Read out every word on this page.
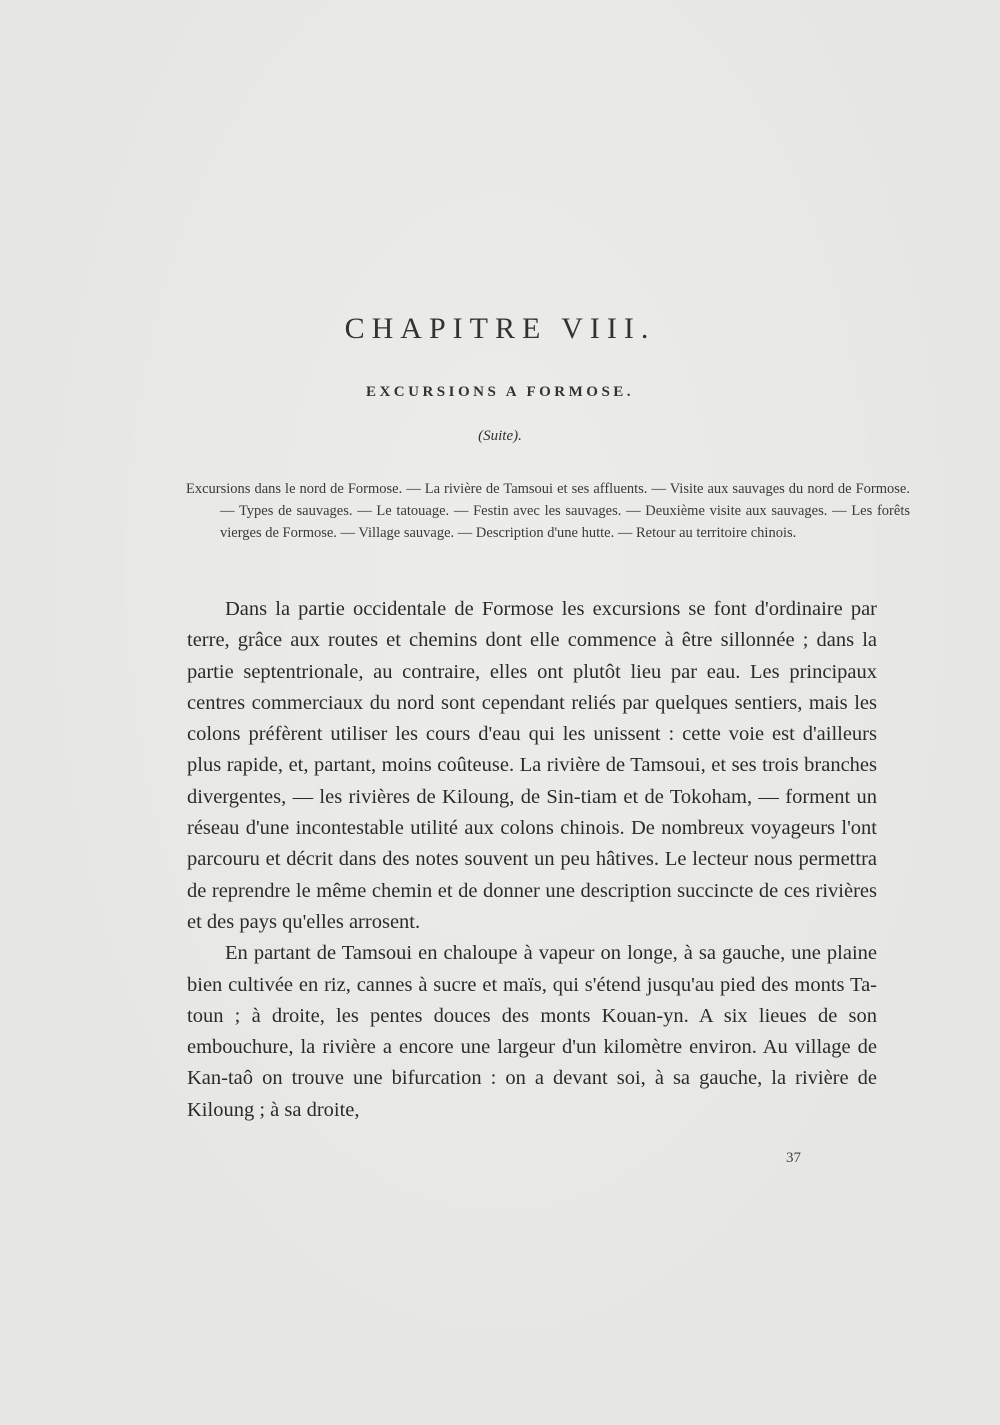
CHAPITRE VIII.
EXCURSIONS A FORMOSE.

(Suite).

Excursions dans le nord de Formose. — La rivière de Tamsoui et ses affluents. — Visite aux sauvages du nord de Formose. — Types de sauvages. — Le tatouage. — Festin avec les sauvages. — Deuxième visite aux sauvages. — Les forêts vierges de Formose. — Village sauvage. — Description d'une hutte. — Retour au territoire chinois.

Dans la partie occidentale de Formose les excursions se font d'ordinaire par terre, grâce aux routes et chemins dont elle commence à être sillonnée ; dans la partie septentrionale, au contraire, elles ont plutôt lieu par eau. Les principaux centres commerciaux du nord sont cependant reliés par quelques sentiers, mais les colons préfèrent utiliser les cours d'eau qui les unissent : cette voie est d'ailleurs plus rapide, et, partant, moins coûteuse. La rivière de Tamsoui, et ses trois branches divergentes, — les rivières de Kiloung, de Sin-tiam et de Tokoham, — forment un réseau d'une incontestable utilité aux colons chinois. De nombreux voyageurs l'ont parcouru et décrit dans des notes souvent un peu hâtives. Le lecteur nous permettra de reprendre le même chemin et de donner une description succincte de ces rivières et des pays qu'elles arrosent.

En partant de Tamsoui en chaloupe à vapeur on longe, à sa gauche, une plaine bien cultivée en riz, cannes à sucre et maïs, qui s'étend jusqu'au pied des monts Ta-toun ; à droite, les pentes douces des monts Kouan-yn. A six lieues de son embouchure, la rivière a encore une largeur d'un kilomètre environ. Au village de Kan-taô on trouve une bifurcation : on a devant soi, à sa gauche, la rivière de Kiloung ; à sa droite,

37
